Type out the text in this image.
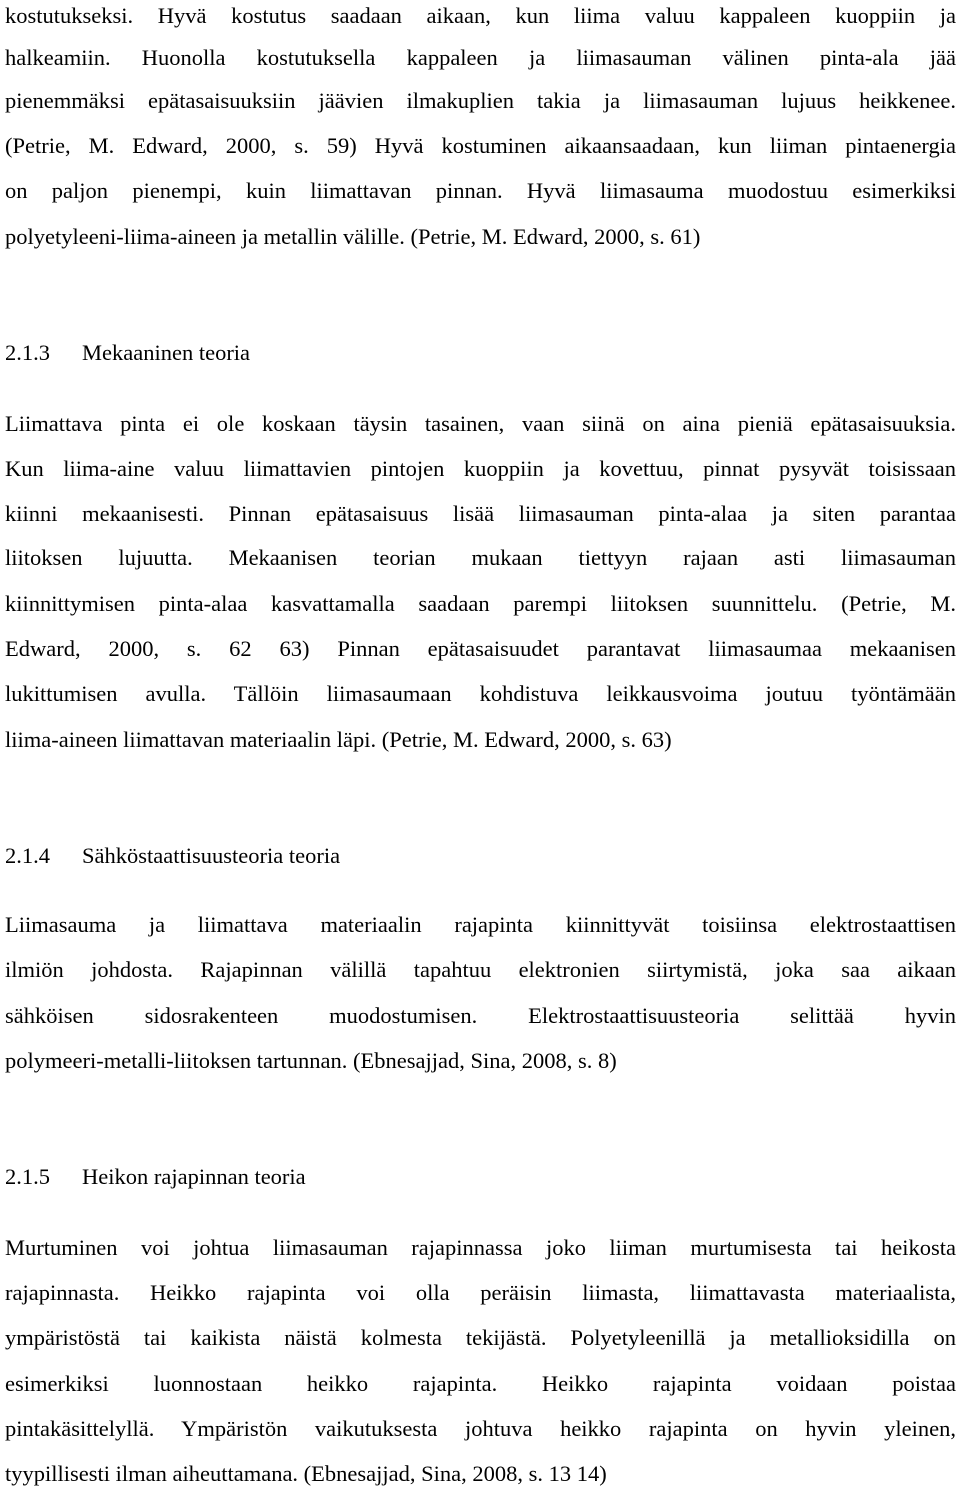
kostutukseksi. Hyvä kostutus saadaan aikaan, kun liima valuu kappaleen kuoppiin ja
halkeamiin. Huonolla kostutuksella kappaleen ja liimasauman välinen pinta-ala jää
pienemmäksi epätasaisuuksiin jäävien ilmakuplien takia ja liimasauman lujuus heikkenee.
(Petrie, M. Edward, 2000, s. 59) Hyvä kostuminen aikaansaadaan, kun liiman pintaenergia
on paljon pienempi, kuin liimattavan pinnan. Hyvä liimasauma muodostuu esimerkiksi
polyetyleeni-liima-aineen ja metallin välille. (Petrie, M. Edward, 2000, s. 61)
2.1.3 Mekaaninen teoria
Liimattava pinta ei ole koskaan täysin tasainen, vaan siinä on aina pieniä epätasaisuuksia.
Kun liima-aine valuu liimattavien pintojen kuoppiin ja kovettuu, pinnat pysyvät toisissaan
kiinni mekaanisesti. Pinnan epätasaisuus lisää liimasauman pinta-alaa ja siten parantaa
liitoksen lujuutta. Mekaanisen teorian mukaan tiettyyn rajaan asti liimasauman
kiinnittymisen pinta-alaa kasvattamalla saadaan parempi liitoksen suunnittelu. (Petrie, M.
Edward, 2000, s. 62 63) Pinnan epätasaisuudet parantavat liimasaumaa mekaanisen
lukittumisen avulla. Tällöin liimasaumaan kohdistuva leikkausvoima joutuu työntämään
liima-aineen liimattavan materiaalin läpi. (Petrie, M. Edward, 2000, s. 63)
2.1.4 Sähköstaattisuusteoria teoria
Liimasauma ja liimattava materiaalin rajapinta kiinnittyvät toisiinsa elektrostaattisen
ilmiön johdosta. Rajapinnan välillä tapahtuu elektronien siirtymistä, joka saa aikaan
sähköisen sidosrakenteen muodostumisen. Elektrostaattisuusteoria selittää hyvin
polymeeri-metalli-liitoksen tartunnan. (Ebnesajjad, Sina, 2008, s. 8)
2.1.5 Heikon rajapinnan teoria
Murtuminen voi johtua liimasauman rajapinnassa joko liiman murtumisesta tai heikosta
rajapinnasta. Heikko rajapinta voi olla peräisin liimasta, liimattavasta materiaalista,
ympäristöstä tai kaikista näistä kolmesta tekijästä. Polyetyleenillä ja metallioksidilla on
esimerkiksi luonnostaan heikko rajapinta. Heikko rajapinta voidaan poistaa
pintakäsittelyllä. Ympäristön vaikutuksesta johtuva heikko rajapinta on hyvin yleinen,
tyypillisesti ilman aiheuttamana. (Ebnesajjad, Sina, 2008, s. 13 14)
